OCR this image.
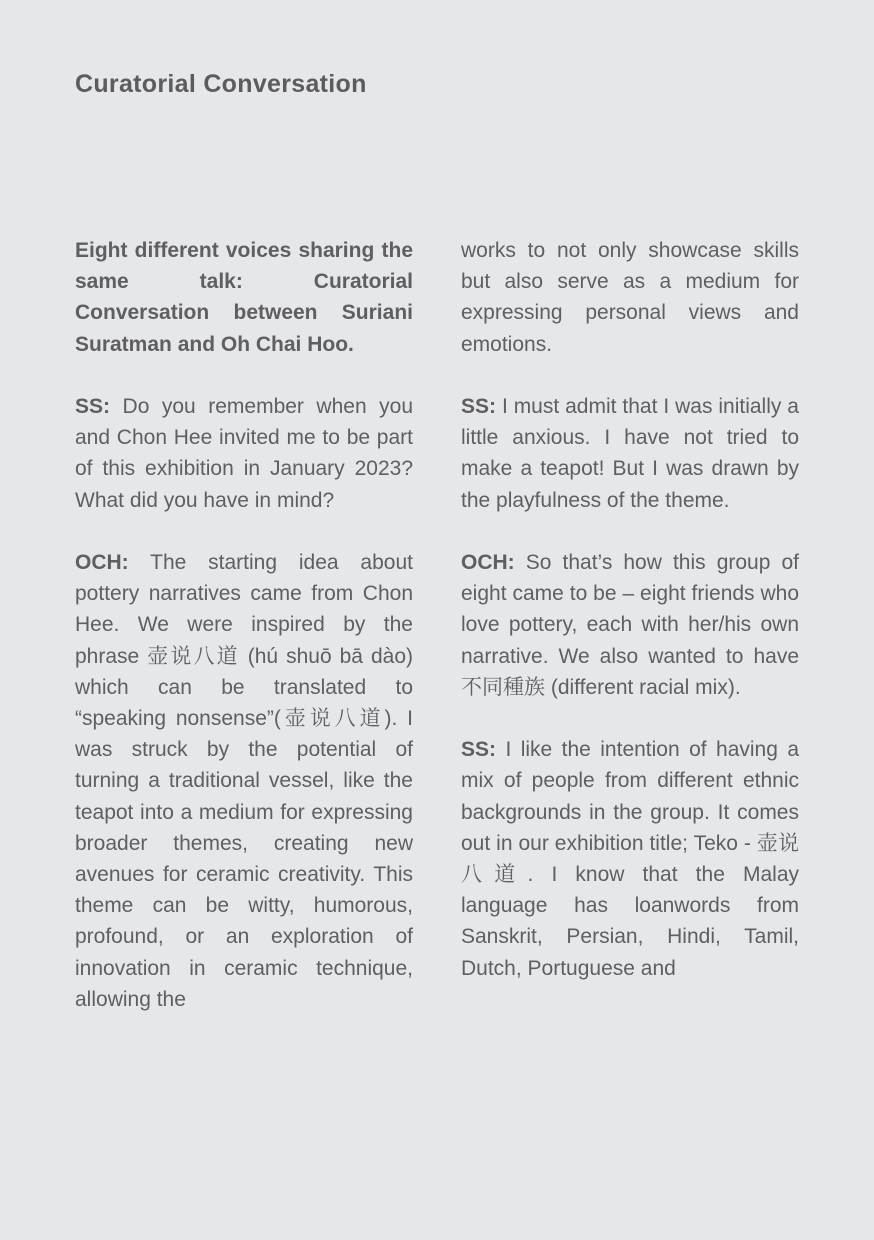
Curatorial Conversation

Eight different voices sharing the same talk: Curatorial Conversation between Suriani Suratman and Oh Chai Hoo.

SS: Do you remember when you and Chon Hee invited me to be part of this exhibition in January 2023? What did you have in mind?

OCH: The starting idea about pottery narratives came from Chon Hee. We were inspired by the phrase 壶说八道 (hú shuō bā dào) which can be translated to “speaking nonsense”(壶说八道). I was struck by the potential of turning a traditional vessel, like the teapot into a medium for expressing broader themes, creating new avenues for ceramic creativity. This theme can be witty, humorous, profound, or an exploration of innovation in ceramic technique, allowing the

works to not only showcase skills but also serve as a medium for expressing personal views and emotions.

SS: I must admit that I was initially a little anxious. I have not tried to make a teapot! But I was drawn by the playfulness of the theme.

OCH: So that’s how this group of eight came to be – eight friends who love pottery, each with her/his own narrative. We also wanted to have 不同種族 (different racial mix).

SS: I like the intention of having a mix of people from different ethnic backgrounds in the group. It comes out in our exhibition title; Teko - 壶说八道. I know that the Malay language has loanwords from Sanskrit, Persian, Hindi, Tamil, Dutch, Portuguese and
